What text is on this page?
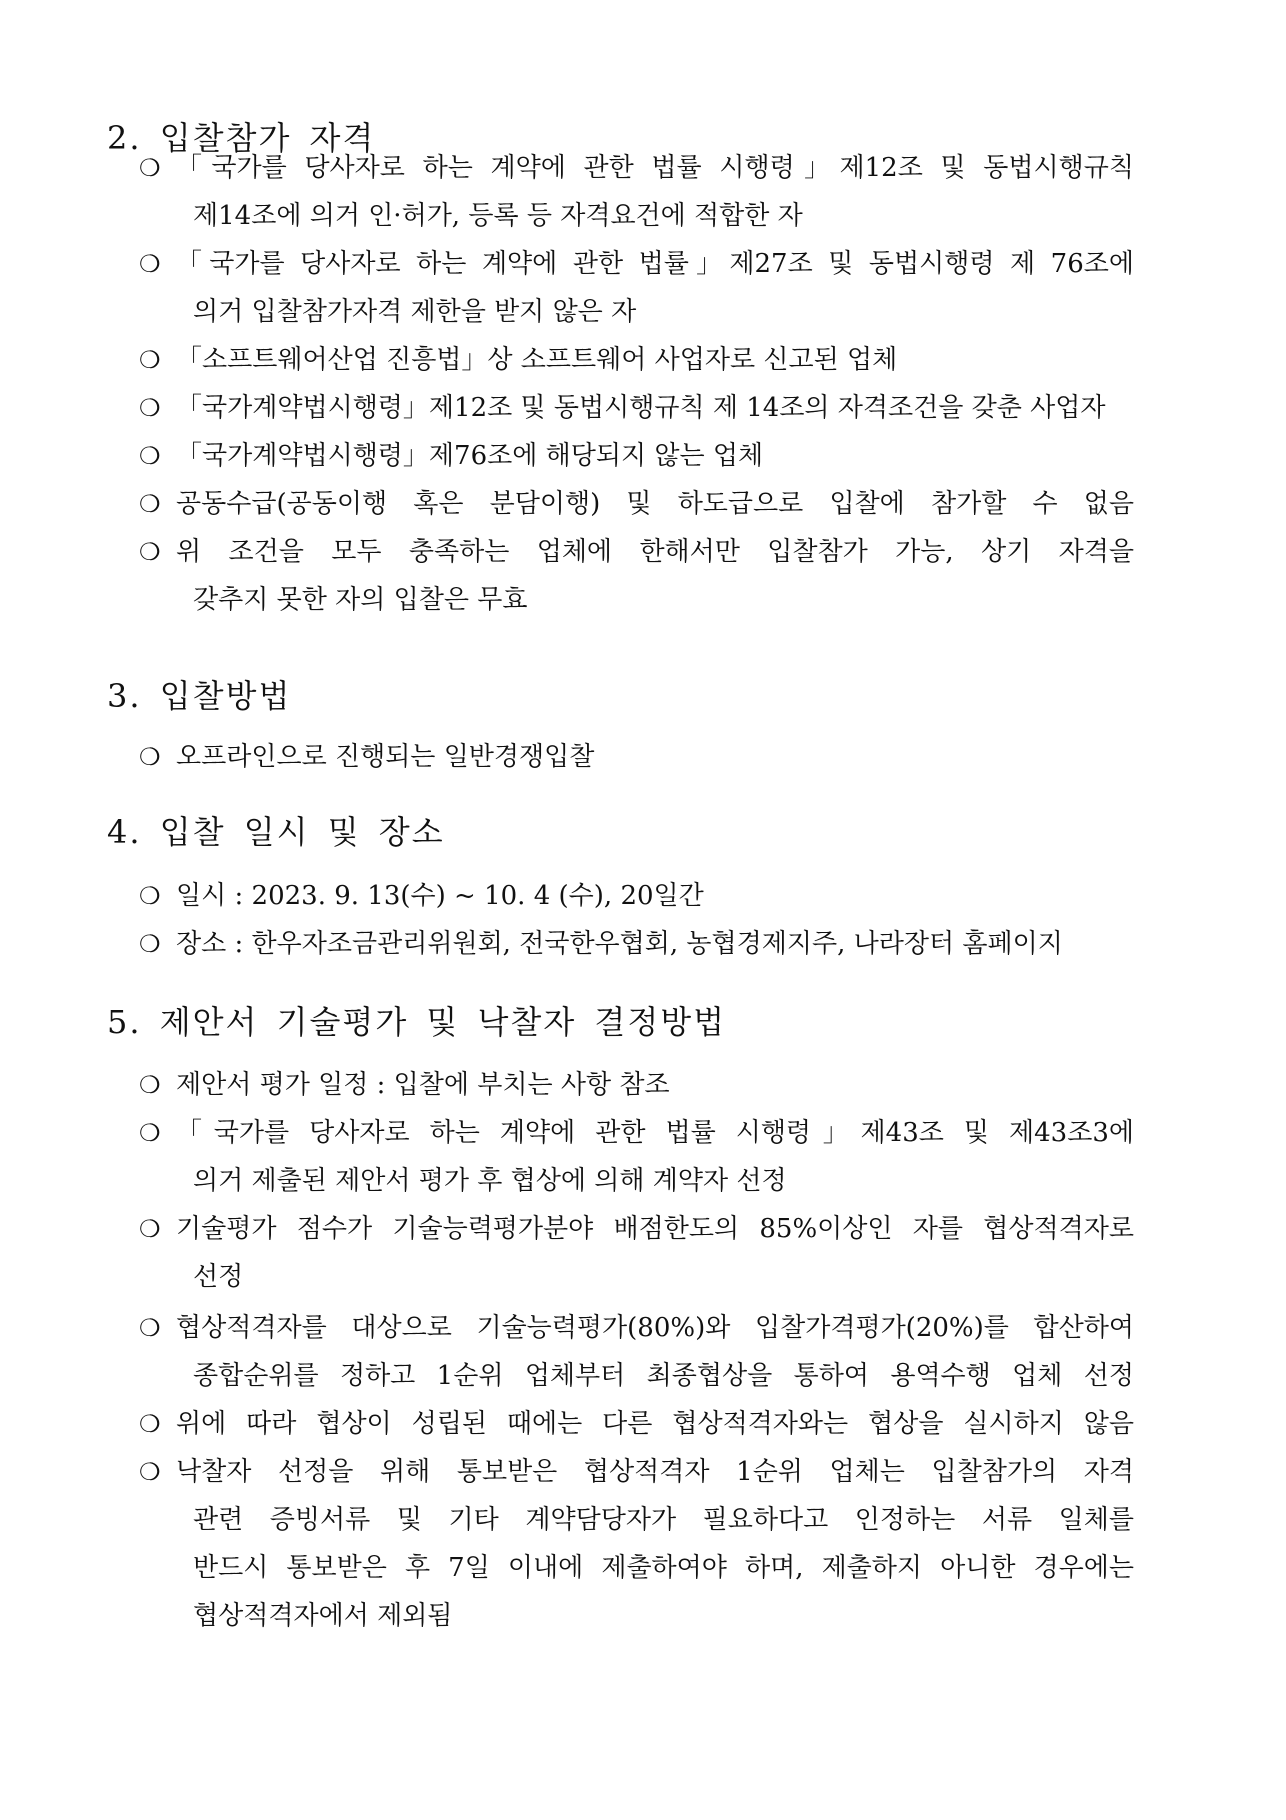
2. 입찰참가 자격
❍ 「국가를 당사자로 하는 계약에 관한 법률 시행령」제12조 및 동법시행규칙
제14조에 의거 인·허가, 등록 등 자격요건에 적합한 자
❍ 「국가를 당사자로 하는 계약에 관한 법률」제27조 및 동법시행령 제 76조에
의거 입찰참가자격 제한을 받지 않은 자
❍ 「소프트웨어산업 진흥법」상 소프트웨어 사업자로 신고된 업체
❍ 「국가계약법시행령」제12조 및 동법시행규칙 제 14조의 자격조건을 갖춘 사업자
❍ 「국가계약법시행령」제76조에 해당되지 않는 업체
❍ 공동수급(공동이행 혹은 분담이행) 및 하도급으로 입찰에 참가할 수 없음
❍ 위 조건을 모두 충족하는 업체에 한해서만 입찰참가 가능, 상기 자격을
갖추지 못한 자의 입찰은 무효
3. 입찰방법
❍ 오프라인으로 진행되는 일반경쟁입찰
4. 입찰 일시 및 장소
❍ 일시 : 2023. 9. 13(수) ~ 10. 4 (수), 20일간
❍ 장소 : 한우자조금관리위원회, 전국한우협회, 농협경제지주, 나라장터 홈페이지
5. 제안서 기술평가 및 낙찰자 결정방법
❍ 제안서 평가 일정 : 입찰에 부치는 사항 참조
❍ 「국가를 당사자로 하는 계약에 관한 법률 시행령」제43조 및 제43조3에
의거 제출된 제안서 평가 후 협상에 의해 계약자 선정
❍ 기술평가 점수가 기술능력평가분야 배점한도의 85%이상인 자를 협상적격자로
선정
❍ 협상적격자를 대상으로 기술능력평가(80%)와 입찰가격평가(20%)를 합산하여
종합순위를 정하고 1순위 업체부터 최종협상을 통하여 용역수행 업체 선정
❍ 위에 따라 협상이 성립된 때에는 다른 협상적격자와는 협상을 실시하지 않음
❍ 낙찰자 선정을 위해 통보받은 협상적격자 1순위 업체는 입찰참가의 자격
관련 증빙서류 및 기타 계약담당자가 필요하다고 인정하는 서류 일체를
반드시 통보받은 후 7일 이내에 제출하여야 하며, 제출하지 아니한 경우에는
협상적격자에서 제외됨
